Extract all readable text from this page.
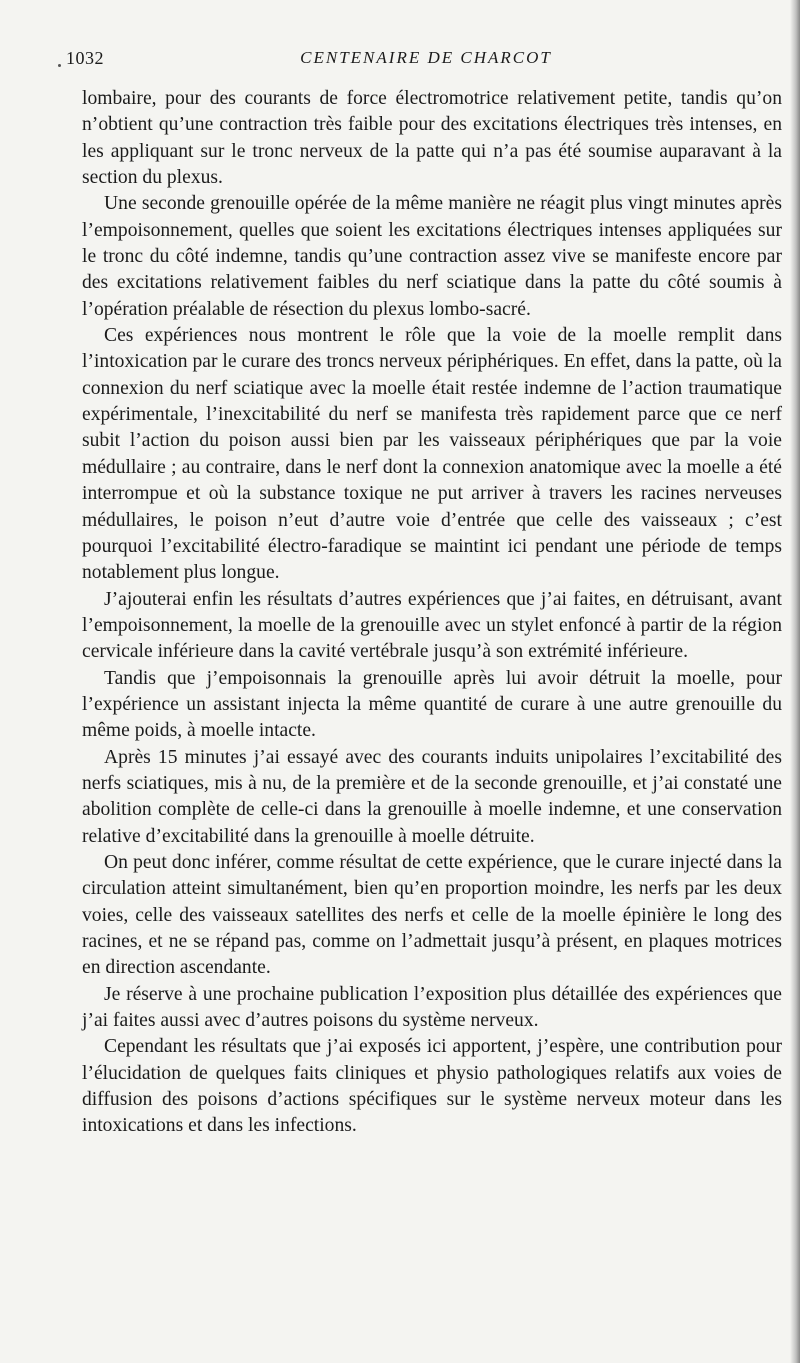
1032	CENTENAIRE DE CHARCOT

lombaire, pour des courants de force électromotrice relativement petite, tandis qu’on n’obtient qu’une contraction très faible pour des excitations électriques très intenses, en les appliquant sur le tronc nerveux de la patte qui n’a pas été soumise auparavant à la section du plexus.

Une seconde grenouille opérée de la même manière ne réagit plus vingt minutes après l’empoisonnement, quelles que soient les excitations électriques intenses appliquées sur le tronc du côté indemne, tandis qu’une contraction assez vive se manifeste encore par des excitations relativement faibles du nerf sciatique dans la patte du côté soumis à l’opération préalable de résection du plexus lombo-sacré.

Ces expériences nous montrent le rôle que la voie de la moelle remplit dans l’intoxication par le curare des troncs nerveux périphériques. En effet, dans la patte, où la connexion du nerf sciatique avec la moelle était restée indemne de l’action traumatique expérimentale, l’inexcitabilité du nerf se manifesta très rapidement parce que ce nerf subit l’action du poison aussi bien par les vaisseaux périphériques que par la voie médullaire ; au contraire, dans le nerf dont la connexion anatomique avec la moelle a été interrompue et où la substance toxique ne put arriver à travers les racines nerveuses médullaires, le poison n’eut d’autre voie d’entrée que celle des vaisseaux ; c’est pourquoi l’excitabilité électro-faradique se maintint ici pendant une période de temps notablement plus longue.

J’ajouterai enfin les résultats d’autres expériences que j’ai faites, en détruisant, avant l’empoisonnement, la moelle de la grenouille avec un stylet enfoncé à partir de la région cervicale inférieure dans la cavité vertébrale jusqu’à son extrémité inférieure.

Tandis que j’empoisonnais la grenouille après lui avoir détruit la moelle, pour l’expérience un assistant injecta la même quantité de curare à une autre grenouille du même poids, à moelle intacte.

Après 15 minutes j’ai essayé avec des courants induits unipolaires l’excitabilité des nerfs sciatiques, mis à nu, de la première et de la seconde grenouille, et j’ai constaté une abolition complète de celle-ci dans la grenouille à moelle indemne, et une conservation relative d’excitabilité dans la grenouille à moelle détruite.

On peut donc inférer, comme résultat de cette expérience, que le curare injecté dans la circulation atteint simultanément, bien qu’en proportion moindre, les nerfs par les deux voies, celle des vaisseaux satellites des nerfs et celle de la moelle épinière le long des racines, et ne se répand pas, comme on l’admettait jusqu’à présent, en plaques motrices en direction ascendante.

Je réserve à une prochaine publication l’exposition plus détaillée des expériences que j’ai faites aussi avec d’autres poisons du système nerveux.

Cependant les résultats que j’ai exposés ici apportent, j’espère, une contribution pour l’élucidation de quelques faits cliniques et physio pathologiques relatifs aux voies de diffusion des poisons d’actions spécifiques sur le système nerveux moteur dans les intoxications et dans les infections.
